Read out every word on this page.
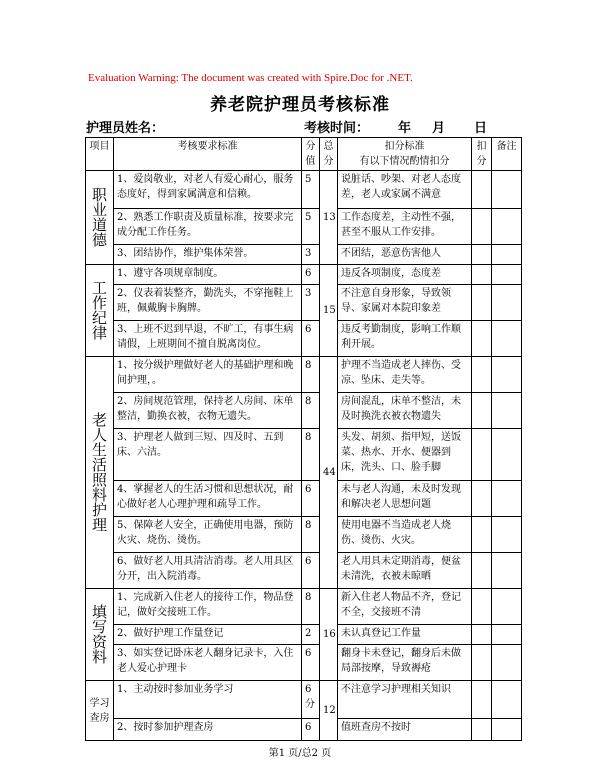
Evaluation Warning: The document was created with Spire.Doc for .NET.
养老院护理员考核标准
护理员姓名：	考核时间： 年 月 日
项目	考核要求标准	分值	总分	扣分标准
有以下情况酌情扣分	扣分	备注
职业道德	1、爱岗敬业，对老人有爱心耐心，服务态度好，得到家属满意和信赖。	5	13	说脏话、吵架、对老人态度差，老人或家属不满意		
	2、熟悉工作职责及质量标准，按要求完成分配工作任务。	5		工作态度差，主动性不强，甚至不服从工作安排。		
	3、团结协作，维护集体荣誉。	3		不团结，恶意伤害他人		
工作纪律	1、遵守各项规章制度。	6	15	违反各项制度，态度差		
	2、仪表着装整齐，勤洗头，不穿拖鞋上班，佩戴胸卡胸牌。	3		不注意自身形象，导致领导、家属对本院印象差		
	3、上班不迟到早退，不旷工，有事生病请假，上班期间不擅自脱离岗位。	6		违反考勤制度，影响工作顺利开展。		
老人生活照料护理	1、按分级护理做好老人的基础护理和晚间护理，。	8	44	护理不当造成老人摔伤、受凉、坠床、走失等。		
	2、房间规范管理，保持老人房间、床单整洁，勤换衣被，衣物无遗失。	8		房间混乱，床单不整洁，未及时换洗衣被衣物遗失		
	3、护理老人做到三短、四及时、五到床、六洁。	8		头发、胡须、指甲短，送饭菜、热水、开水、便器到床，洗头、口、脸手脚		
	4、掌握老人的生活习惯和思想状况，耐心做好老人心理护理和疏导工作。	6		未与老人沟通，未及时发现和解决老人思想问题		
	5、保障老人安全，正确使用电器，预防火灾、烧伤、烫伤。	8		使用电器不当造成老人烧伤、烫伤、火灾。		
	6、做好老人用具清洁消毒。老人用具区分开，出入院消毒。	6		老人用具未定期消毒，便盆未清洗，衣被未晾晒		
填写资料	1、完成新入住老人的接待工作，物品登记，做好交接班工作。	8	16	新入住老人物品不齐，登记不全，交接班不清		
	2、做好护理工作量登记	2		未认真登记工作量		
	3、如实登记卧床老人翻身记录卡，入住老人爱心护理卡	6		翻身卡未登记，翻身后未做局部按摩，导致褥疮		
学习查房	1、主动按时参加业务学习	6分	12	不注意学习护理相关知识		
	2、按时参加护理查房	6		值班查房不按时		
第1 页/总2 页
